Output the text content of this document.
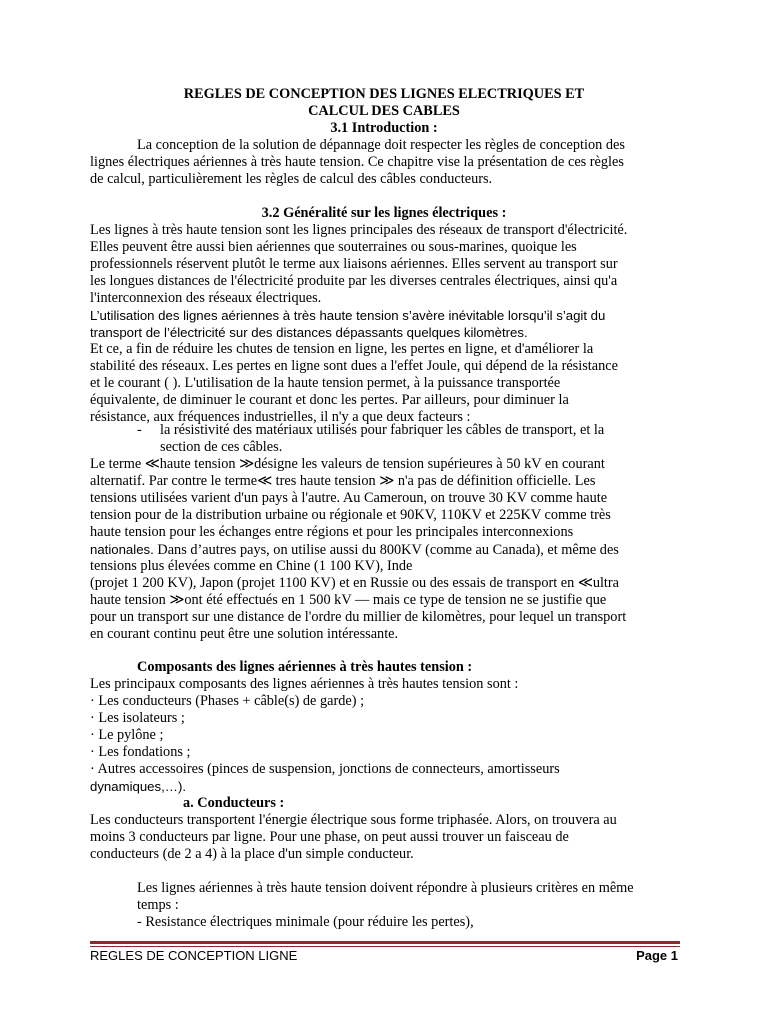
REGLES DE CONCEPTION DES LIGNES ELECTRIQUES ET
CALCUL DES CABLES
3.1 Introduction :
La conception de la solution de dépannage doit respecter les règles de conception des
lignes électriques aériennes à très haute tension. Ce chapitre vise la présentation de ces règles
de calcul, particulièrement les règles de calcul des câbles conducteurs.
3.2 Généralité sur les lignes électriques :
Les lignes à très haute tension sont les lignes principales des réseaux de transport d'électricité.
Elles peuvent être aussi bien aériennes que souterraines ou sous-marines, quoique les
professionnels réservent plutôt le terme aux liaisons aériennes. Elles servent au transport sur
les longues distances de l'électricité produite par les diverses centrales électriques, ainsi qu'a
l'interconnexion des réseaux électriques.
L’utilisation des lignes aériennes à très haute tension s’avère inévitable lorsqu’il s’agit du
transport de l’électricité sur des distances dépassants quelques kilomètres.
Et ce, a fin de réduire les chutes de tension en ligne, les pertes en ligne, et d'améliorer la
stabilité des réseaux. Les pertes en ligne sont dues a l'effet Joule, qui dépend de la résistance
et le courant ( ). L'utilisation de la haute tension permet, à la puissance transportée
équivalente, de diminuer le courant et donc les pertes. Par ailleurs, pour diminuer la
résistance, aux fréquences industrielles, il n'y a que deux facteurs :
- la résistivité des matériaux utilisés pour fabriquer les câbles de transport, et la
section de ces câbles.
Le terme ≪haute tension ≫désigne les valeurs de tension supérieures à 50 kV en courant
alternatif. Par contre le terme≪ tres haute tension ≫ n'a pas de définition officielle. Les
tensions utilisées varient d'un pays à l'autre. Au Cameroun, on trouve 30 KV comme haute
tension pour de la distribution urbaine ou régionale et 90KV, 110KV et 225KV comme très
haute tension pour les échanges entre régions et pour les principales interconnexions
nationales. Dans d’autres pays, on utilise aussi du 800KV (comme au Canada), et même des
tensions plus élevées comme en Chine (1 100 KV), Inde
(projet 1 200 KV), Japon (projet 1100 KV) et en Russie ou des essais de transport en ≪ultra
haute tension ≫ont été effectués en 1 500 kV — mais ce type de tension ne se justifie que
pour un transport sur une distance de l'ordre du millier de kilomètres, pour lequel un transport
en courant continu peut être une solution intéressante.
Composants des lignes aériennes à très hautes tension :
Les principaux composants des lignes aériennes à très hautes tension sont :
· Les conducteurs (Phases + câble(s) de garde) ;
· Les isolateurs ;
· Le pylône ;
· Les fondations ;
· Autres accessoires (pinces de suspension, jonctions de connecteurs, amortisseurs
dynamiques,…).
a. Conducteurs :
Les conducteurs transportent l'énergie électrique sous forme triphasée. Alors, on trouvera au
moins 3 conducteurs par ligne. Pour une phase, on peut aussi trouver un faisceau de
conducteurs (de 2 a 4) à la place d'un simple conducteur.
Les lignes aériennes à très haute tension doivent répondre à plusieurs critères en même
temps :
- Resistance électriques minimale (pour réduire les pertes),
REGLES DE CONCEPTION LIGNE	Page 1
